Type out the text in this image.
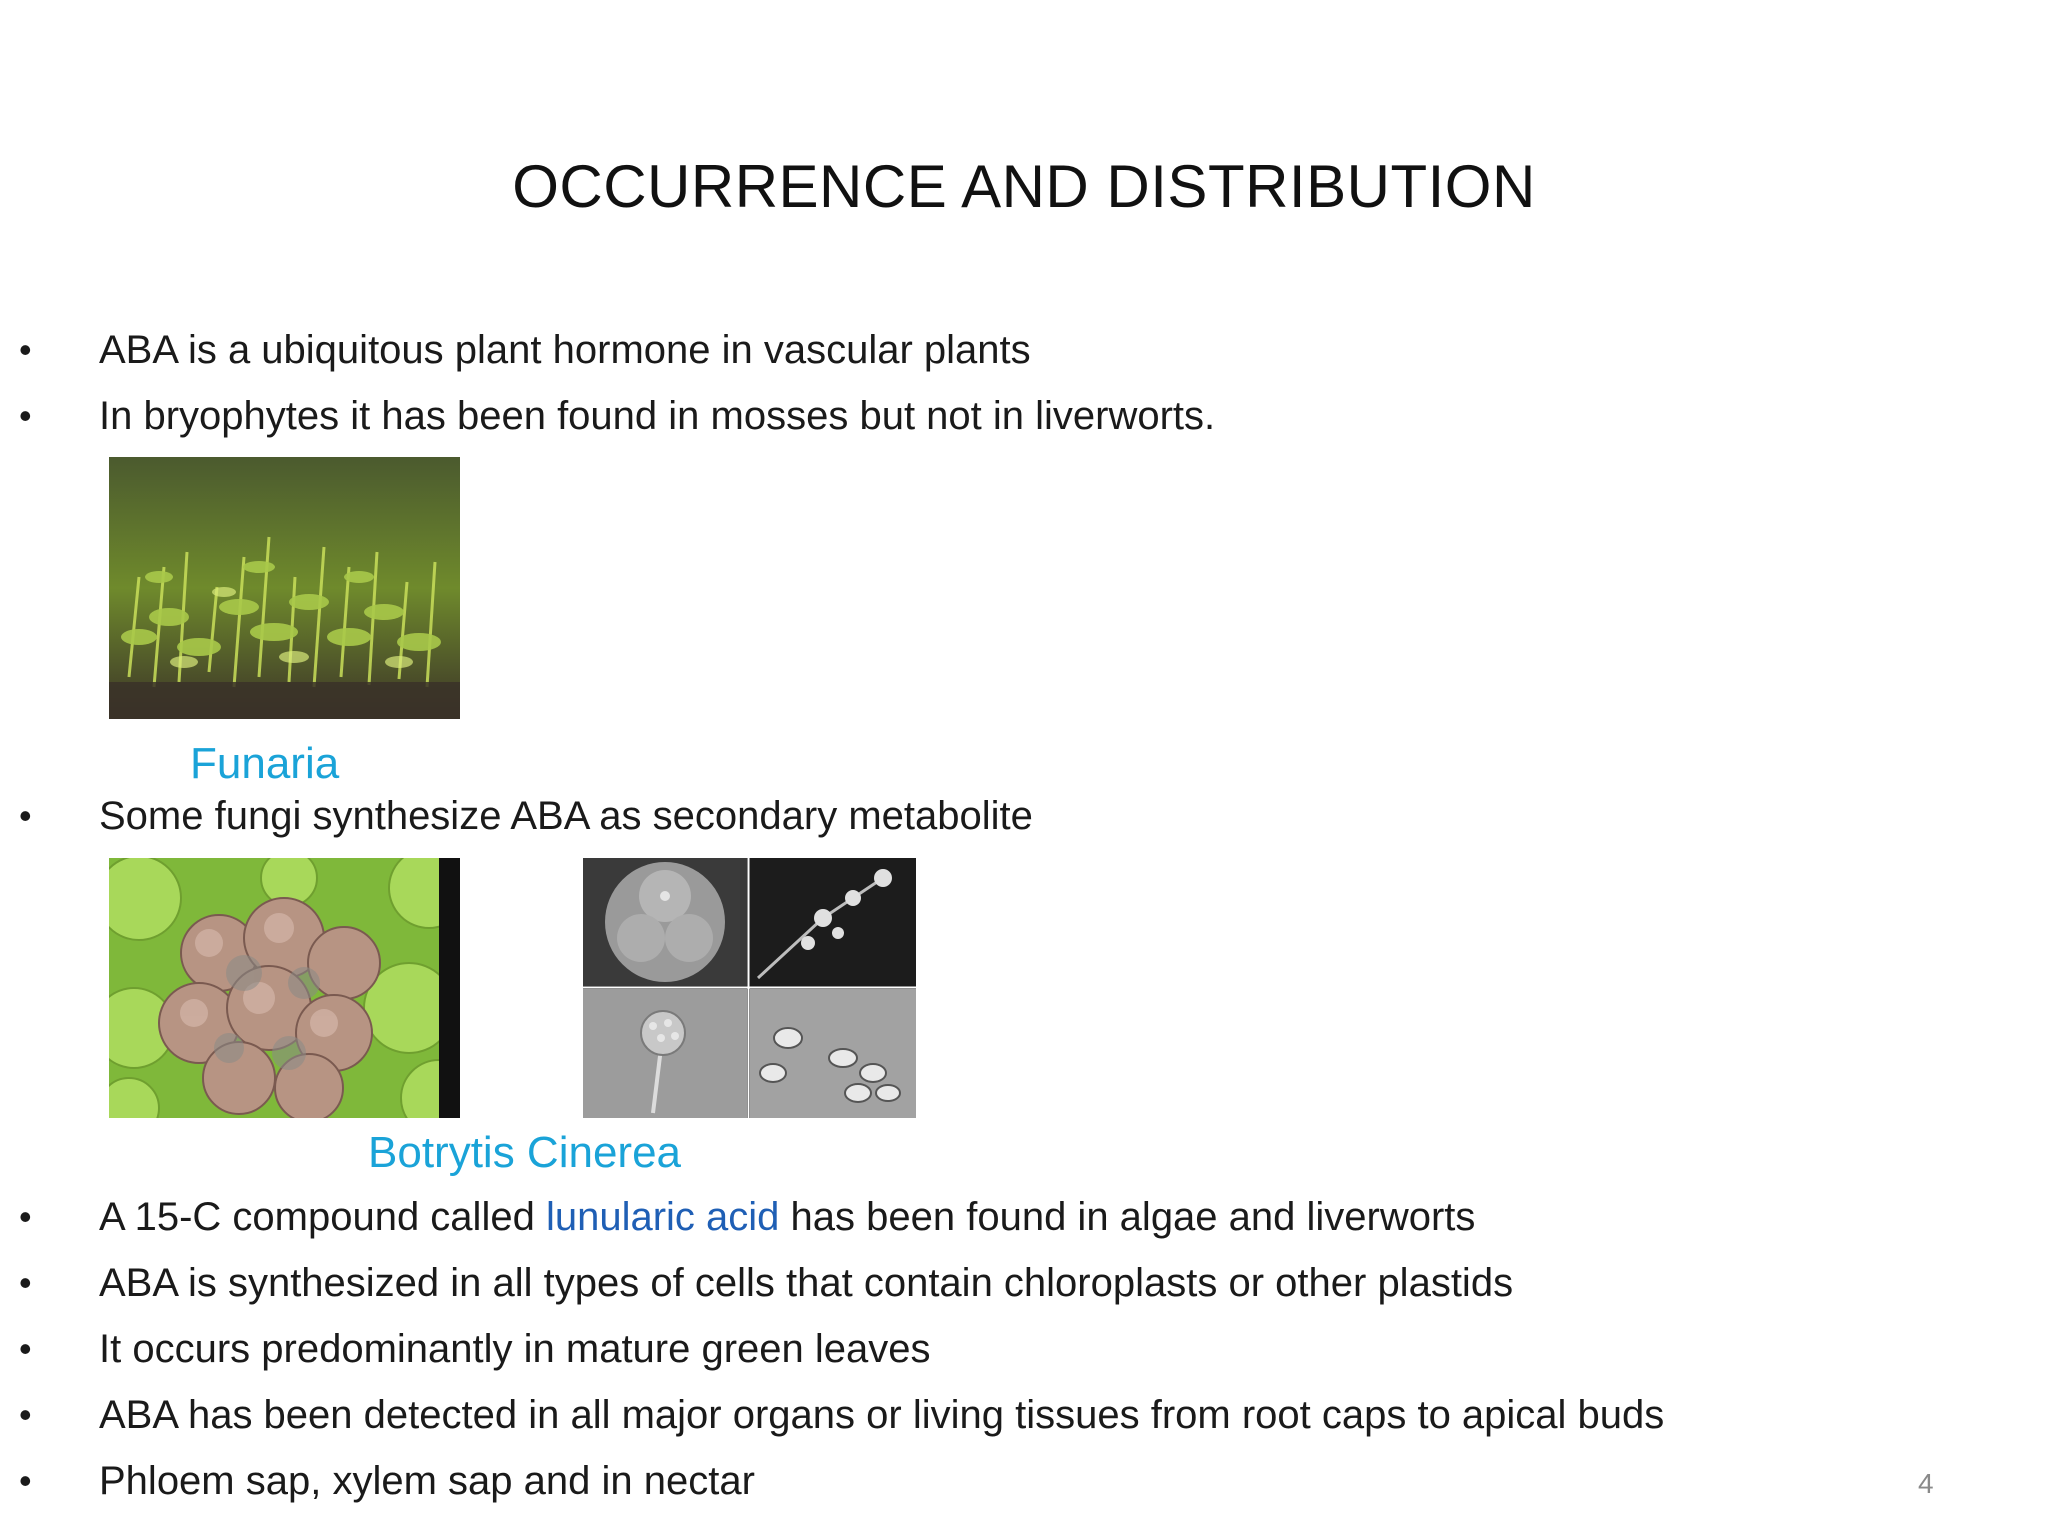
OCCURRENCE AND DISTRIBUTION
• ABA is a ubiquitous plant hormone in vascular plants
• In bryophytes it has been found in mosses but not in liverworts.
Funaria
• Some fungi synthesize ABA as secondary metabolite
Botrytis Cinerea
• A 15-C compound called lunularic acid has been found in algae and liverworts
• ABA is synthesized in all types of cells that contain chloroplasts or other plastids
• It occurs predominantly in mature green leaves
• ABA has been detected in all major organs or living tissues from root caps to apical buds
• Phloem sap, xylem sap and in nectar	4
